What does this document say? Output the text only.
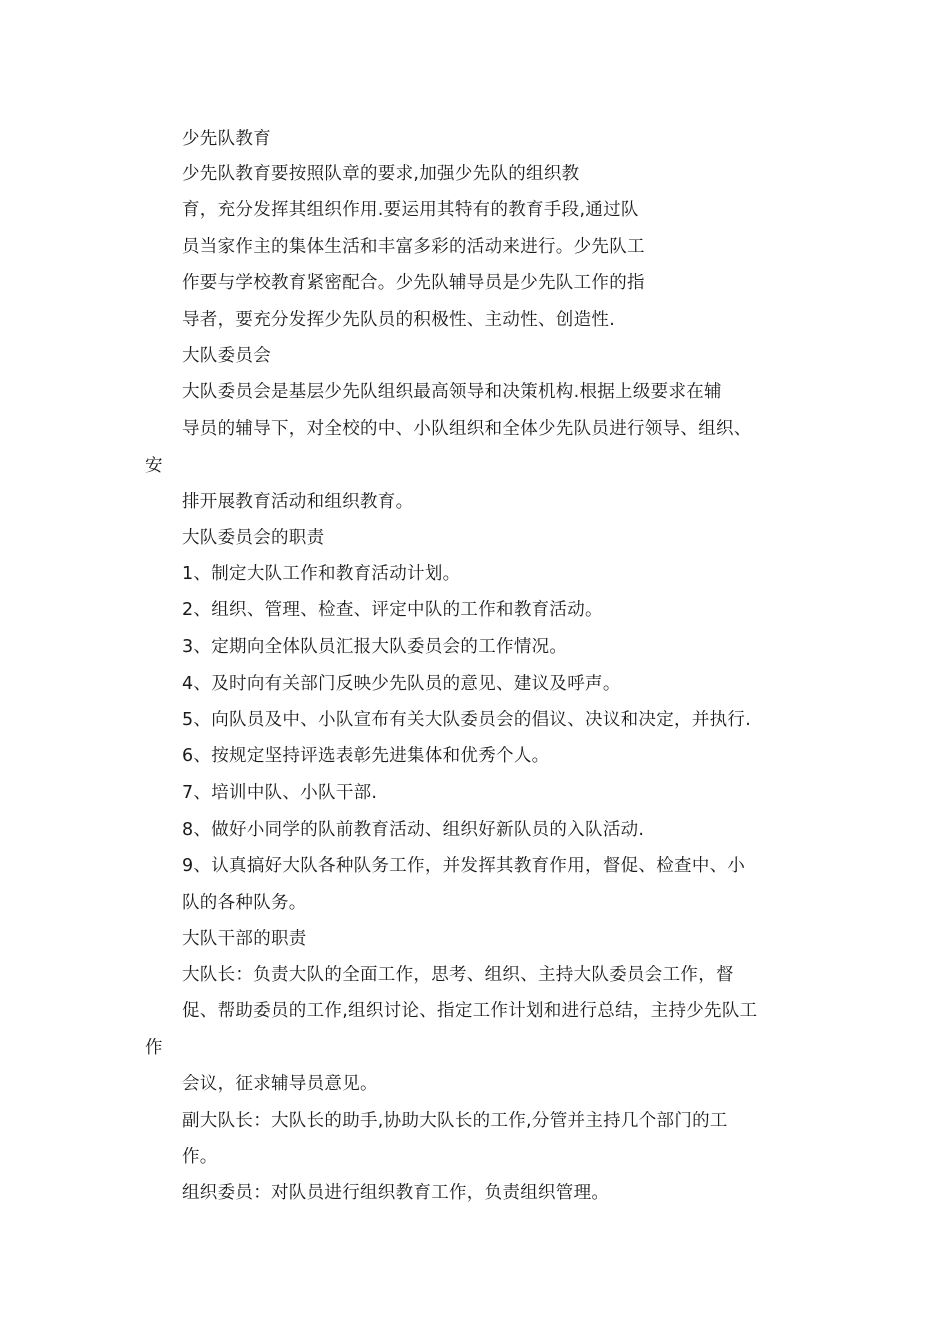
少先队教育
少先队教育要按照队章的要求,加强少先队的组织教
育，充分发挥其组织作用.要运用其特有的教育手段,通过队
员当家作主的集体生活和丰富多彩的活动来进行。少先队工
作要与学校教育紧密配合。少先队辅导员是少先队工作的指
导者，要充分发挥少先队员的积极性、主动性、创造性.
大队委员会
大队委员会是基层少先队组织最高领导和决策机构.根据上级要求在辅
导员的辅导下，对全校的中、小队组织和全体少先队员进行领导、组织、
安
排开展教育活动和组织教育。
大队委员会的职责
1、制定大队工作和教育活动计划。
2、组织、管理、检查、评定中队的工作和教育活动。
3、定期向全体队员汇报大队委员会的工作情况。
4、及时向有关部门反映少先队员的意见、建议及呼声。
5、向队员及中、小队宣布有关大队委员会的倡议、决议和决定，并执行.
6、按规定坚持评选表彰先进集体和优秀个人。
7、培训中队、小队干部.
8、做好小同学的队前教育活动、组织好新队员的入队活动.
9、认真搞好大队各种队务工作，并发挥其教育作用，督促、检查中、小
队的各种队务。
大队干部的职责
大队长：负责大队的全面工作，思考、组织、主持大队委员会工作，督
促、帮助委员的工作,组织讨论、指定工作计划和进行总结，主持少先队工
作
会议，征求辅导员意见。
副大队长：大队长的助手,协助大队长的工作,分管并主持几个部门的工
作。
组织委员：对队员进行组织教育工作，负责组织管理。
